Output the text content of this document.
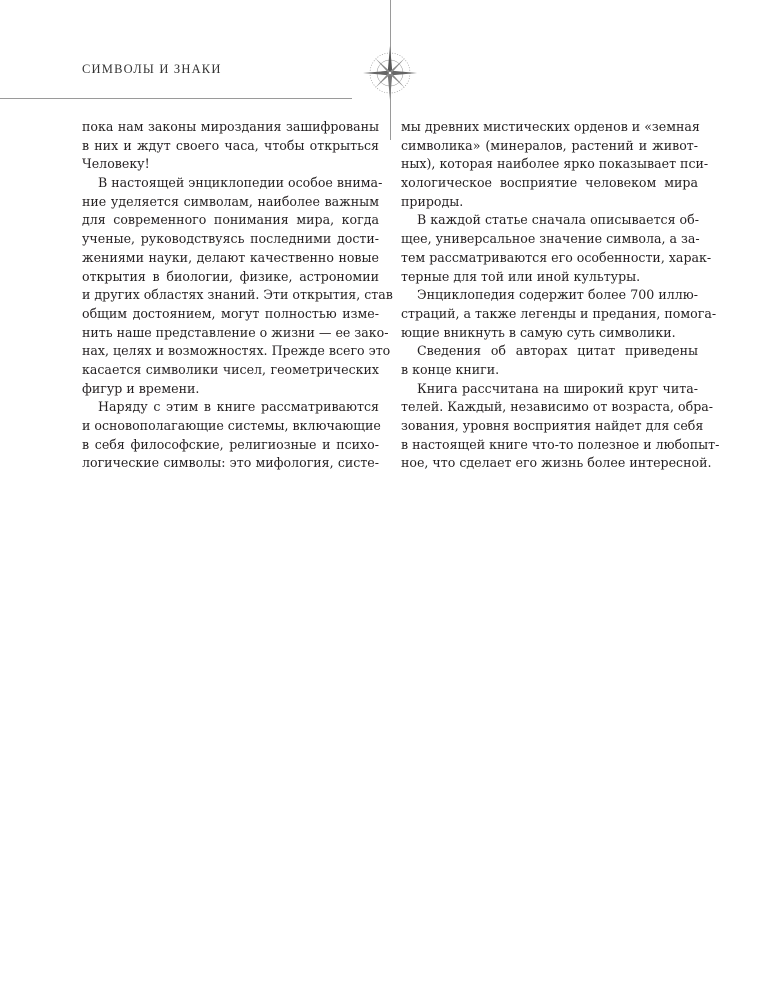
СИМВОЛЫ И ЗНАКИ
пока нам законы мироздания зашифрованы
в них и ждут своего часа, чтобы открыться
Человеку!
В настоящей энциклопедии особое внима-
ние уделяется символам, наиболее важным
для современного понимания мира, когда
ученые, руководствуясь последними дости-
жениями науки, делают качественно новые
открытия в биологии, физике, астрономии
и других областях знаний. Эти открытия, став
общим достоянием, могут полностью изме-
нить наше представление о жизни — ее зако-
нах, целях и возможностях. Прежде всего это
касается символики чисел, геометрических
фигур и времени.
Наряду с этим в книге рассматриваются
и основополагающие системы, включающие
в себя философские, религиозные и психо-
логические символы: это мифология, систе-
мы древних мистических орденов и «земная
символика» (минералов, растений и живот-
ных), которая наиболее ярко показывает пси-
хологическое восприятие человеком мира
природы.
В каждой статье сначала описывается об-
щее, универсальное значение символа, а за-
тем рассматриваются его особенности, харак-
терные для той или иной культуры.
Энциклопедия содержит более 700 иллю-
страций, а также легенды и предания, помога-
ющие вникнуть в самую суть символики.
Сведения об авторах цитат приведены
в конце книги.
Книга рассчитана на широкий круг чита-
телей. Каждый, независимо от возраста, обра-
зования, уровня восприятия найдет для себя
в настоящей книге что-то полезное и любопыт-
ное, что сделает его жизнь более интересной.
